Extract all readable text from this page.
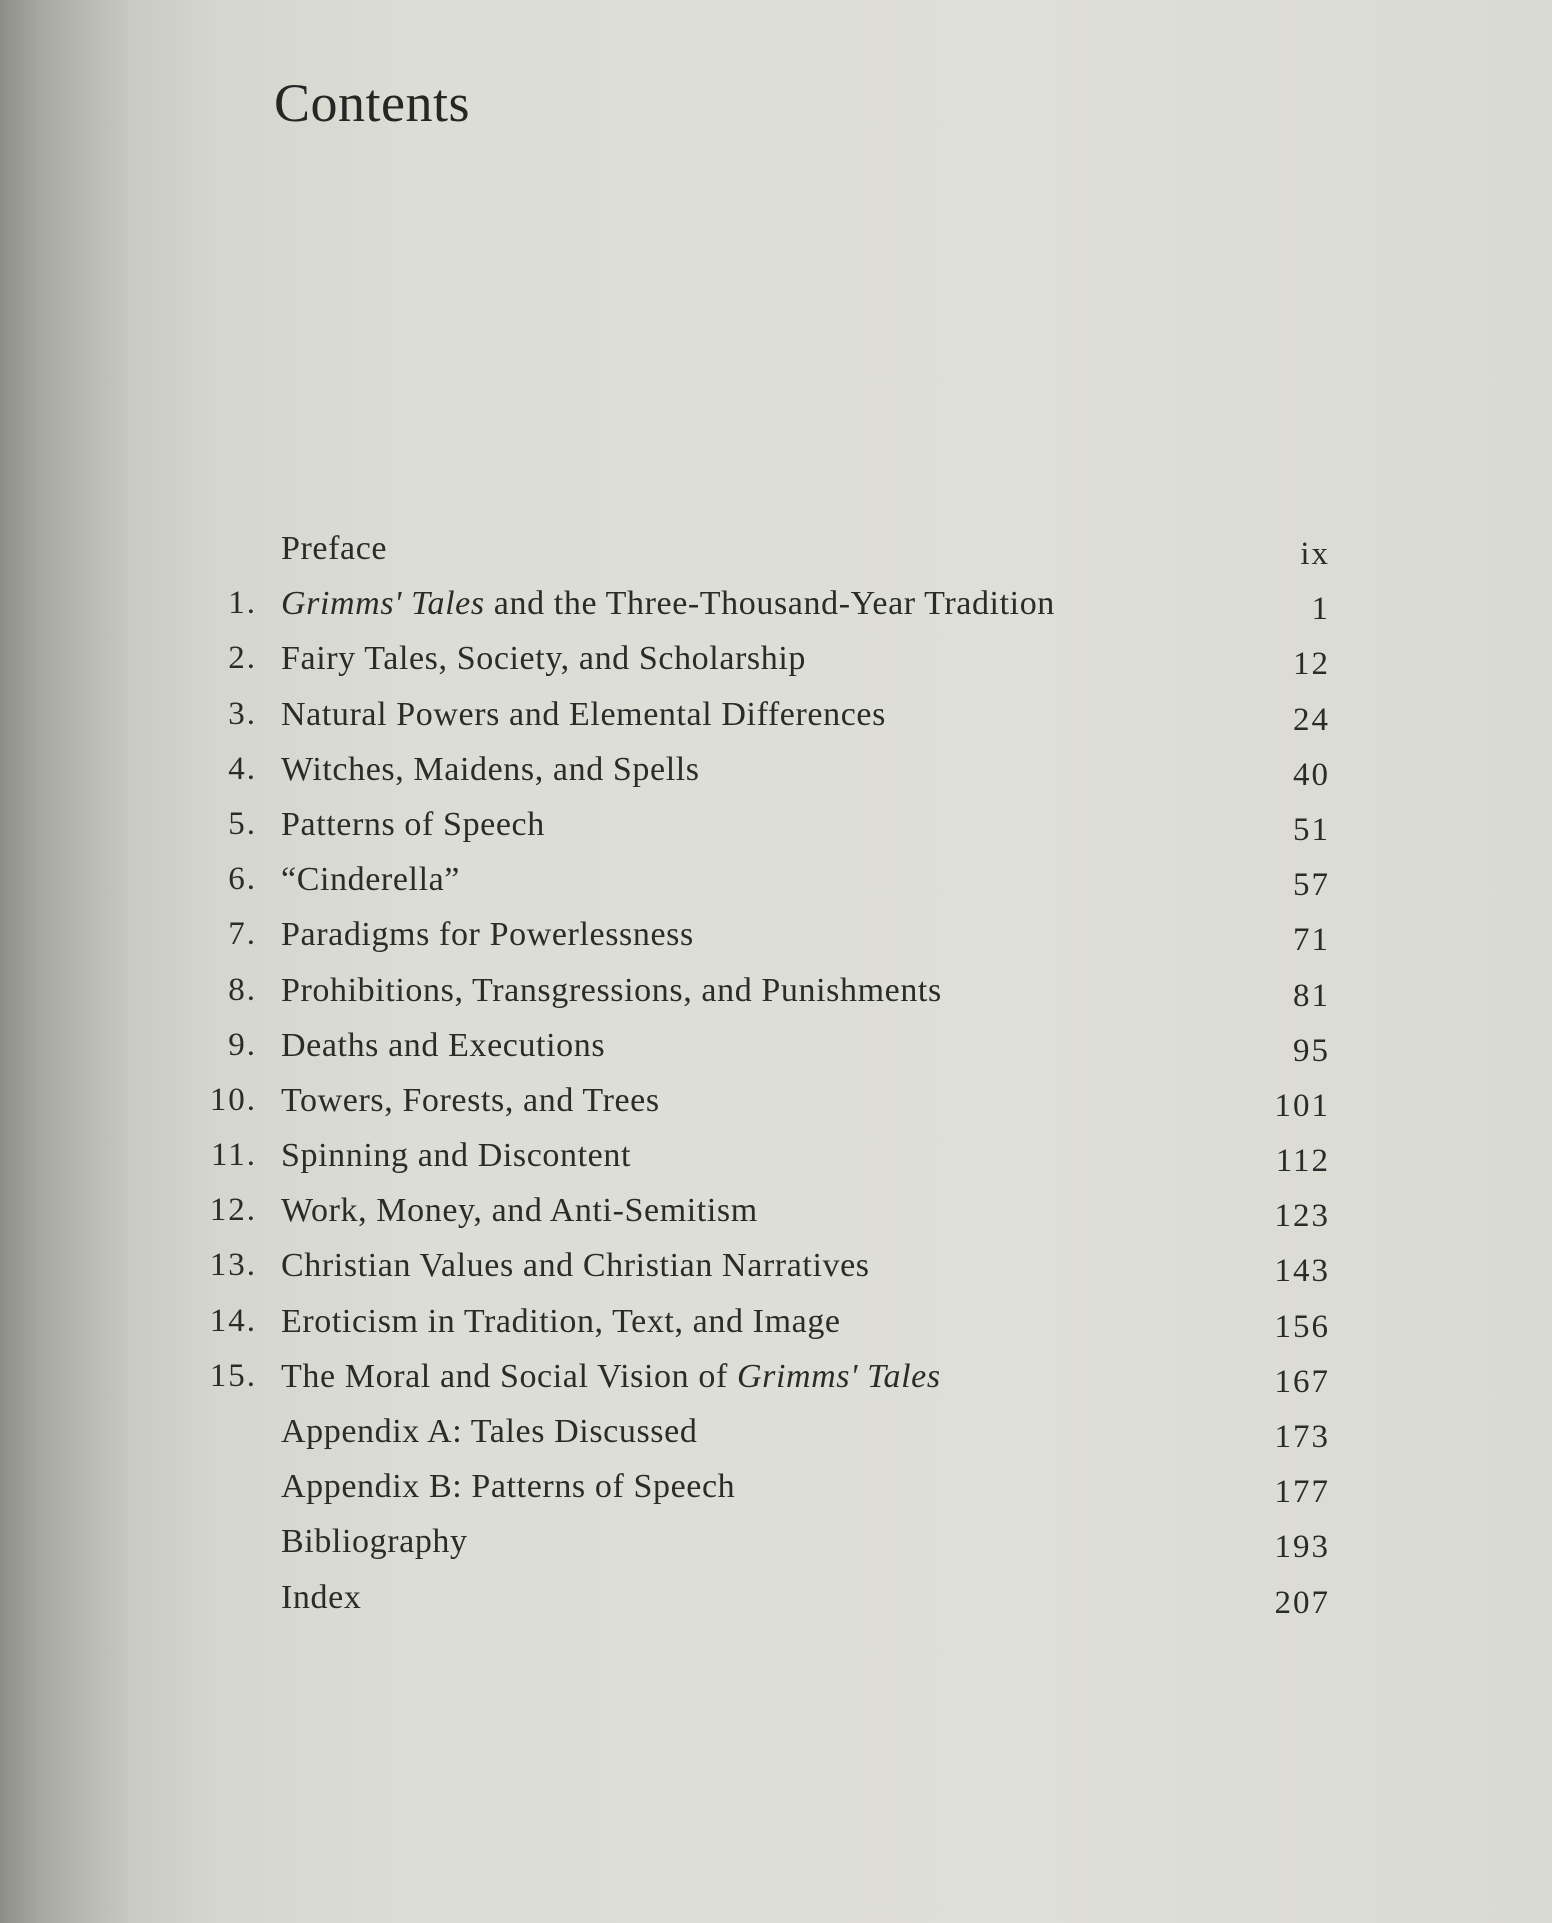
Contents
Preface	ix
1. Grimms' Tales and the Three-Thousand-Year Tradition	1
2. Fairy Tales, Society, and Scholarship	12
3. Natural Powers and Elemental Differences	24
4. Witches, Maidens, and Spells	40
5. Patterns of Speech	51
6. “Cinderella”	57
7. Paradigms for Powerlessness	71
8. Prohibitions, Transgressions, and Punishments	81
9. Deaths and Executions	95
10. Towers, Forests, and Trees	101
11. Spinning and Discontent	112
12. Work, Money, and Anti-Semitism	123
13. Christian Values and Christian Narratives	143
14. Eroticism in Tradition, Text, and Image	156
15. The Moral and Social Vision of Grimms' Tales	167
Appendix A: Tales Discussed	173
Appendix B: Patterns of Speech	177
Bibliography	193
Index	207
